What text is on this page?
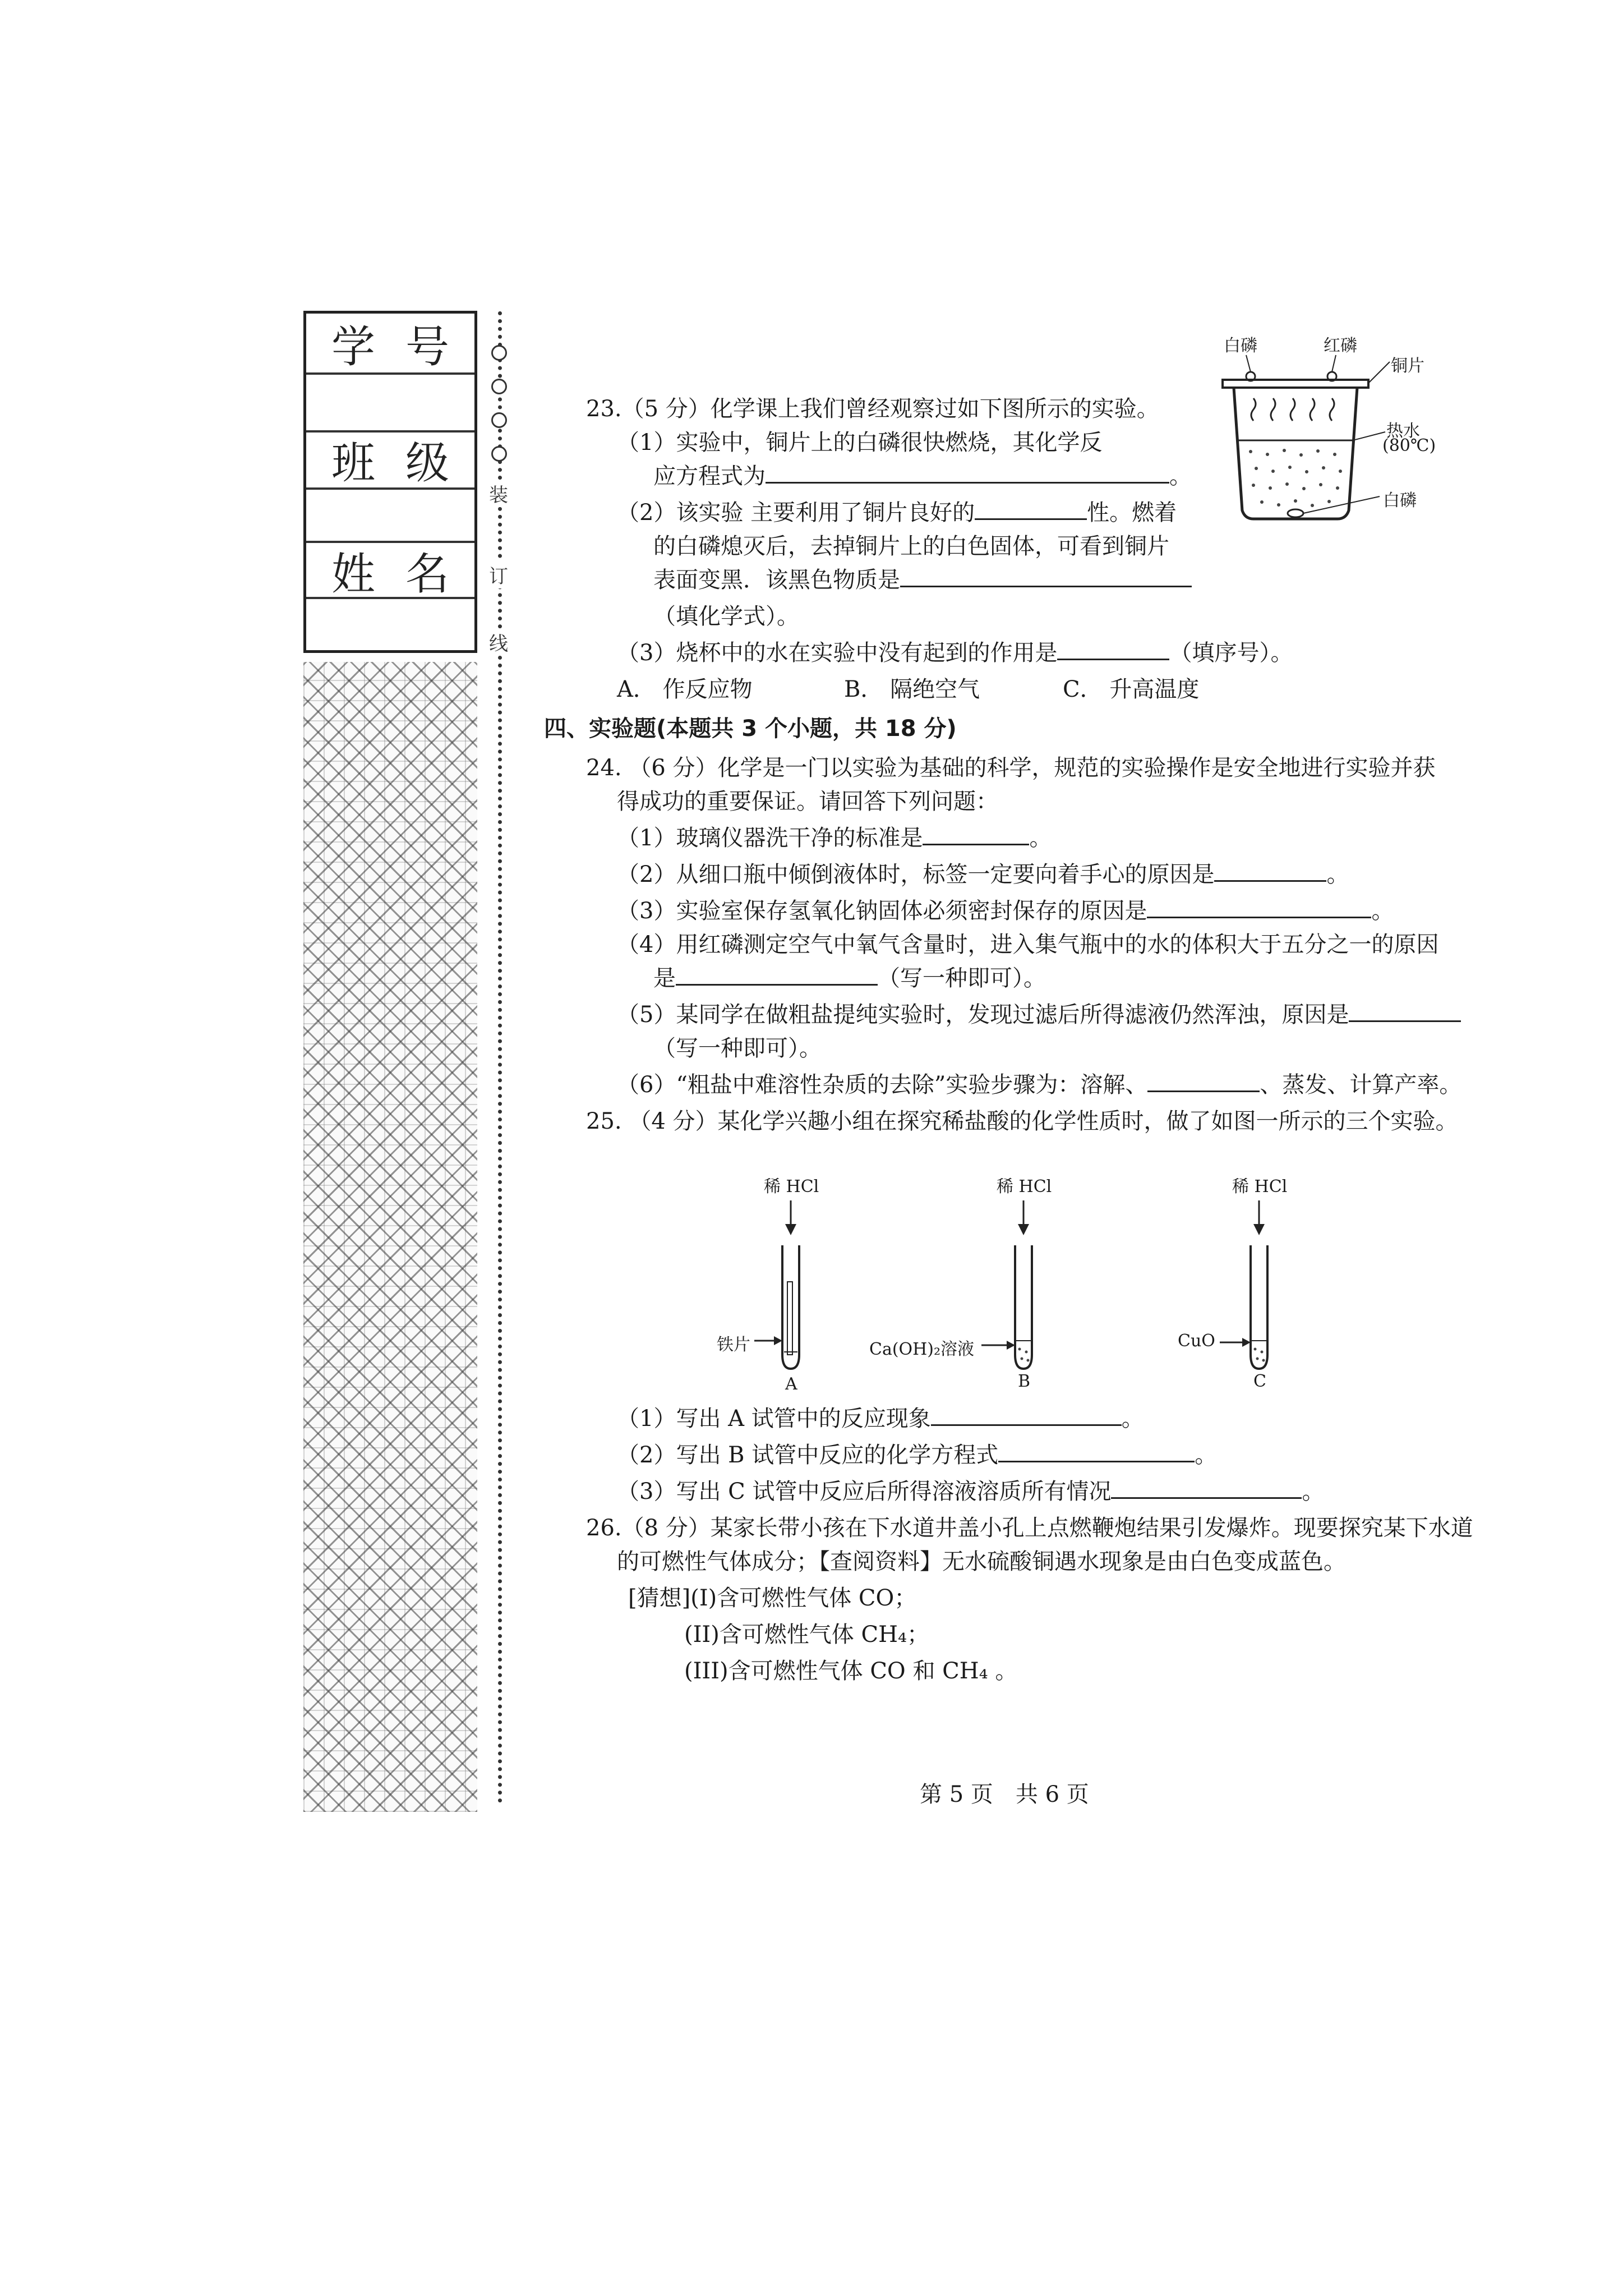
学 号
班 级
姓 名
装
订
线
23.（5 分）化学课上我们曾经观察过如下图所示的实验。
（1）实验中，铜片上的白磷很快燃烧，其化学反
应方程式为	。
（2）该实验 主要利用了铜片良好的	性。燃着
的白磷熄灭后，去掉铜片上的白色固体，可看到铜片
表面变黑．该黑色物质是
（填化学式）。
（3）烧杯中的水在实验中没有起到的作用是	（填序号）。
A． 作反应物	B． 隔绝空气	C． 升高温度
白磷	红磷
铜片
热水
(80℃)
白磷
四、实验题(本题共 3 个小题，共 18 分)
24. （6 分）化学是一门以实验为基础的科学，规范的实验操作是安全地进行实验并获
得成功的重要保证。请回答下列问题：
（1）玻璃仪器洗干净的标准是	。
（2）从细口瓶中倾倒液体时，标签一定要向着手心的原因是	。
（3）实验室保存氢氧化钠固体必须密封保存的原因是	。
（4）用红磷测定空气中氧气含量时，进入集气瓶中的水的体积大于五分之一的原因
是	（写一种即可）。
（5）某同学在做粗盐提纯实验时，发现过滤后所得滤液仍然浑浊，原因是
（写一种即可）。
（6）“粗盐中难溶性杂质的去除”实验步骤为：溶解、	、蒸发、计算产率。
25. （4 分）某化学兴趣小组在探究稀盐酸的化学性质时，做了如图一所示的三个实验。
稀 HCl	稀 HCl	稀 HCl
铁片	Ca(OH)₂溶液	CuO
A	B	C
（1）写出 A 试管中的反应现象	。
（2）写出 B 试管中反应的化学方程式	。
（3）写出 C 试管中反应后所得溶液溶质所有情况	。
26.（8 分）某家长带小孩在下水道井盖小孔上点燃鞭炮结果引发爆炸。现要探究某下水道
的可燃性气体成分；【查阅资料】无水硫酸铜遇水现象是由白色变成蓝色。
[猜想](I)含可燃性气体 CO；
(II)含可燃性气体 CH₄；
(III)含可燃性气体 CO 和 CH₄ 。
第 5 页　共 6 页
